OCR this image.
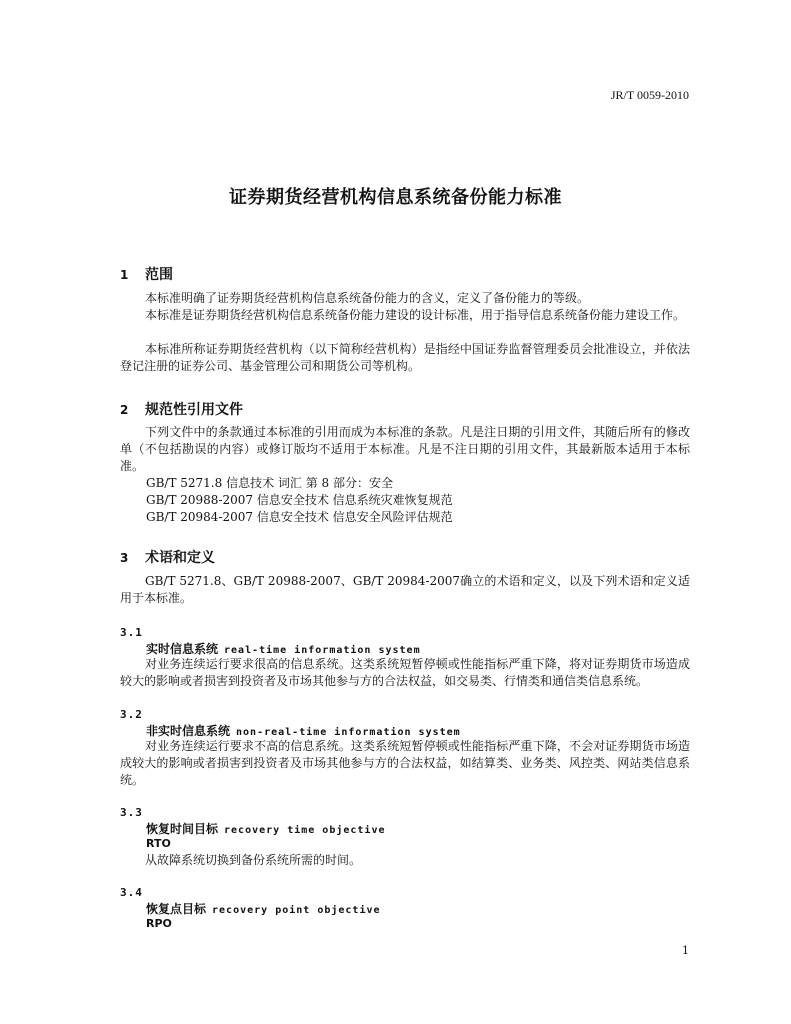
JR/T 0059-2010
证券期货经营机构信息系统备份能力标准
1 范围

本标准明确了证券期货经营机构信息系统备份能力的含义，定义了备份能力的等级。

本标准是证券期货经营机构信息系统备份能力建设的设计标准，用于指导信息系统备份能力建设工作。

本标准所称证券期货经营机构（以下简称经营机构）是指经中国证券监督管理委员会批准设立，并依法登记注册的证券公司、基金管理公司和期货公司等机构。

2 规范性引用文件

下列文件中的条款通过本标准的引用而成为本标准的条款。凡是注日期的引用文件，其随后所有的修改单（不包括勘误的内容）或修订版均不适用于本标准。凡是不注日期的引用文件，其最新版本适用于本标准。

GB/T 5271.8 信息技术 词汇 第 8 部分：安全

GB/T 20988-2007 信息安全技术 信息系统灾难恢复规范

GB/T 20984-2007 信息安全技术 信息安全风险评估规范

3 术语和定义

GB/T 5271.8、GB/T 20988-2007、GB/T 20984-2007确立的术语和定义，以及下列术语和定义适用于本标准。

3.1

实时信息系统 real-time information system

对业务连续运行要求很高的信息系统。这类系统短暂停顿或性能指标严重下降，将对证券期货市场造成较大的影响或者损害到投资者及市场其他参与方的合法权益，如交易类、行情类和通信类信息系统。

3.2

非实时信息系统 non-real-time information system

对业务连续运行要求不高的信息系统。这类系统短暂停顿或性能指标严重下降，不会对证券期货市场造成较大的影响或者损害到投资者及市场其他参与方的合法权益，如结算类、业务类、风控类、网站类信息系统。

3.3

恢复时间目标 recovery time objective

RTO

从故障系统切换到备份系统所需的时间。

3.4

恢复点目标 recovery point objective

RPO

1
